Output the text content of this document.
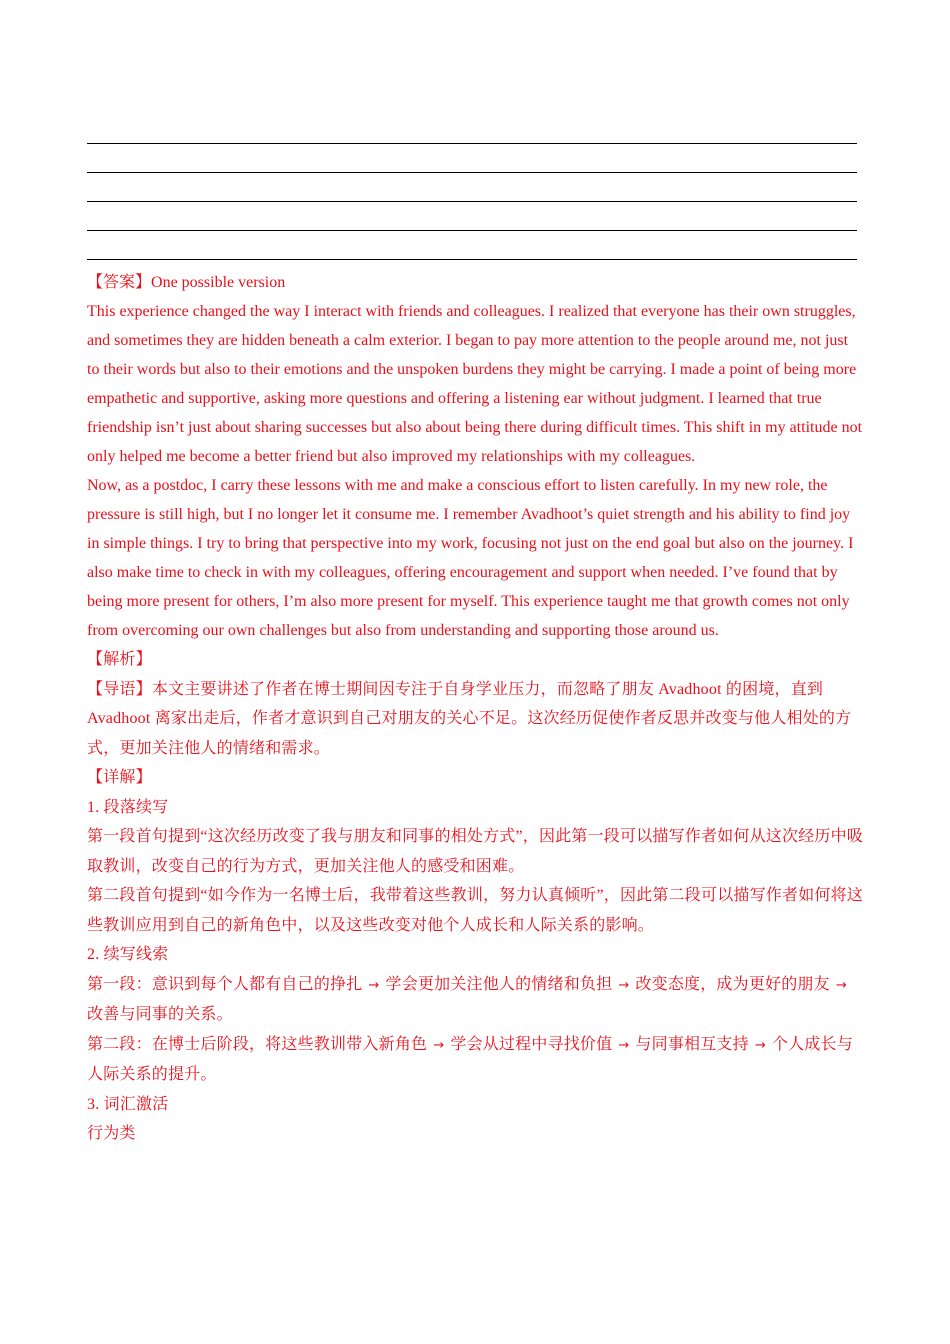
【答案】One possible version

This experience changed the way I interact with friends and colleagues. I realized that everyone has their own struggles, and sometimes they are hidden beneath a calm exterior. I began to pay more attention to the people around me, not just to their words but also to their emotions and the unspoken burdens they might be carrying. I made a point of being more empathetic and supportive, asking more questions and offering a listening ear without judgment. I learned that true friendship isn’t just about sharing successes but also about being there during difficult times. This shift in my attitude not only helped me become a better friend but also improved my relationships with my colleagues.

Now, as a postdoc, I carry these lessons with me and make a conscious effort to listen carefully. In my new role, the pressure is still high, but I no longer let it consume me. I remember Avadhoot’s quiet strength and his ability to find joy in simple things. I try to bring that perspective into my work, focusing not just on the end goal but also on the journey. I also make time to check in with my colleagues, offering encouragement and support when needed. I’ve found that by being more present for others, I’m also more present for myself. This experience taught me that growth comes not only from overcoming our own challenges but also from understanding and supporting those around us.

【解析】

【导语】本文主要讲述了作者在博士期间因专注于自身学业压力，而忽略了朋友 Avadhoot 的困境，直到 Avadhoot 离家出走后，作者才意识到自己对朋友的关心不足。这次经历促使作者反思并改变与他人相处的方式，更加关注他人的情绪和需求。

【详解】

1. 段落续写

第一段首句提到“这次经历改变了我与朋友和同事的相处方式”，因此第一段可以描写作者如何从这次经历中吸取教训，改变自己的行为方式，更加关注他人的感受和困难。

第二段首句提到“如今作为一名博士后，我带着这些教训，努力认真倾听”，因此第二段可以描写作者如何将这些教训应用到自己的新角色中，以及这些改变对他个人成长和人际关系的影响。

2. 续写线索

第一段：意识到每个人都有自己的挣扎 → 学会更加关注他人的情绪和负担 → 改变态度，成为更好的朋友 →改善与同事的关系。

第二段：在博士后阶段，将这些教训带入新角色 → 学会从过程中寻找价值 → 与同事相互支持 → 个人成长与人际关系的提升。

3. 词汇激活

行为类
